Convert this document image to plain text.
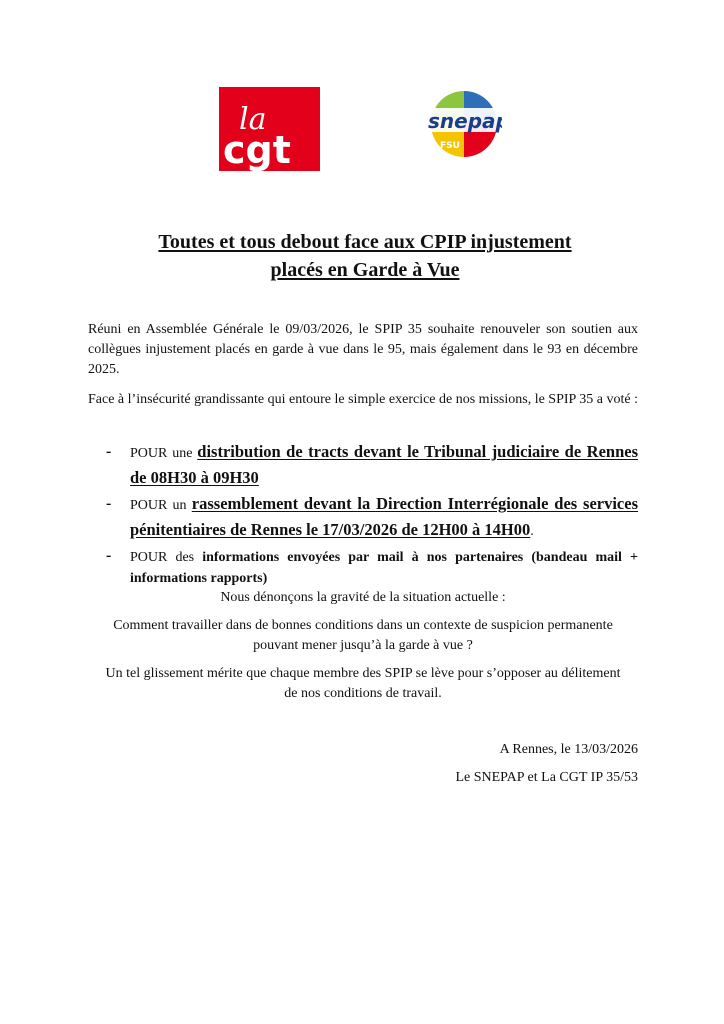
la
cgt
snepap
FSU
Toutes et tous debout face aux CPIP injustement
placés en Garde à Vue

Réuni en Assemblée Générale le 09/03/2026, le SPIP 35 souhaite renouveler son soutien aux collègues injustement placés en garde à vue dans le 95, mais également dans le 93 en décembre 2025.

Face à l’insécurité grandissante qui entoure le simple exercice de nos missions, le SPIP 35 a voté :

- POUR une distribution de tracts devant le Tribunal judiciaire de Rennes de 08H30 à 09H30
- POUR un rassemblement devant la Direction Interrégionale des services pénitentiaires de Rennes le 17/03/2026 de 12H00 à 14H00.
- POUR des informations envoyées par mail à nos partenaires (bandeau mail + informations rapports)

Nous dénonçons la gravité de la situation actuelle :

Comment travailler dans de bonnes conditions dans un contexte de suspicion permanente
pouvant mener jusqu’à la garde à vue ?

Un tel glissement mérite que chaque membre des SPIP se lève pour s’opposer au délitement
de nos conditions de travail.

A Rennes, le 13/03/2026

Le SNEPAP et La CGT IP 35/53
